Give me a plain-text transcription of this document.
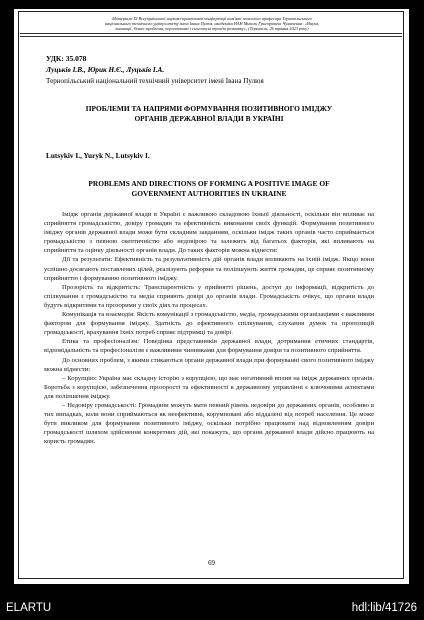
Матеріали XI Всеукраїнської науково-практичної конференції пам'яті почесного професора Тернопільського
національного технічного університету імені Івана Пулюя, академіка НАН Миколи Григоровича Чумаченка: «Наука,
інновації, бізнес:проблеми, перспективи і сьогочасні тренди розвитку», (Тернопіль, 26 травня 2023 року)
УДК: 35.078
Луцьків І.В., Юрик Н.Є., Луцьків І.А.
Тернопільський національний технічний університет імені Івана Пулюя
ПРОБЛЕМИ ТА НАПРЯМИ ФОРМУВАННЯ ПОЗИТИВНОГО ІМІДЖУ
ОРГАНІВ ДЕРЖАВНОЇ ВЛАДИ В УКРАЇНІ
Lutsykiv I., Yuryk N., Lutsykiv I.
PROBLEMS AND DIRECTIONS OF FORMING A POSITIVE IMAGE OF
GOVERNMENT AUTHORITIES IN UKRAINE

Імідж органів державної влади в Україні є важливою складовою їхньої діяльності, оскільки він впливає на сприйняття громадськістю, довіру громадян та ефективність виконання своїх функцій. Формування позитивного іміджу органів державної влади може бути складним завданням, оскільки імідж таких органів часто сприймається громадськістю з певною скептичністю або недовірою та залежить від багатьох факторів, які впливають на сприйняття та оцінку діяльності органів влади. До таких факторів можна віднести:

Дії та результати: Ефективність та результативність дій органів влади впливають на їхній імідж. Якщо вони успішно досягають поставлених цілей, реалізують реформи та поліпшують життя громадян, це сприяє позитивному сприйняттю і формуванню позитивного іміджу.

Прозорість та відкритість: Транспарентність у прийнятті рішень, доступ до інформації, відкритість до спілкування з громадськістю та медіа сприяють довірі до органів влади. Громадськість очікує, що органи влади будуть відкритими та прозорими у своїх діях та процесах.

Комунікація та взаємодія: Якість комунікації з громадськістю, медіа, громадськими організаціями є важливим фактором для формування іміджу. Здатність до ефективного спілкування, слухання думок та пропозицій громадськості, врахування їхніх потреб сприяє підтримці та довірі.

Етика та професіоналізм: Поведінка представників державної влади, дотримання етичних стандартів, відповідальність та професіоналізм є важливими чинниками для формування довіри та позитивного сприйняття.

До основних проблем, з якими стикаються органи державної влади при формуванні свого позитивного іміджу можна віднести:

– Корупцію: Україна має складну історію з корупцією, що має негативний вплив на імідж державних органів. Боротьба з корупцією, забезпечення прозорості та ефективності в державному управлінні є ключовими аспектами для поліпшення іміджу.

– Недовіру громадськості: Громадяни можуть мати певний рівень недовіри до державних органів, особливо в тих випадках, коли вони сприймаються як неефективні, корумповані або віддалені від потреб населення. Це може бути викликом для формування позитивного іміджу, оскільки потрібно працювати над відновленням довіри громадськості шляхом здійснення конкретних дій, які покажуть, що органи державної влади дійсно працюють на користь громадян.

69
ELARTU	hdl:lib/41726
